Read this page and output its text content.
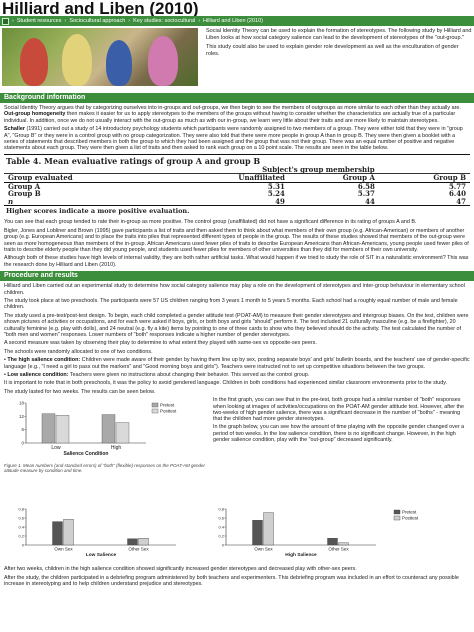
Hilliard and Liben (2010)
› Student resources › Sociocultural approach › Key studies: sociocultural › Hilliard and Liben (2010)

Social Identity Theory can be used to explain the formation of stereotypes. The following study by Hilliard and Liben looks at how social category salience can lead to the development of stereotypes of the "out-group."

This study could also be used to explain gender role development as well as the enculturation of gender roles.

Background information

Social Identity Theory argues that by categorizing ourselves into in-groups and out-groups, we then begin to see the members of outgroups as more similar to each other than they actually are. Out-group homogeneity then makes it easier for us to apply stereotypes to the members of the groups without having to consider whether the characteristics are actually true of a particular individual. In addition, once we do not usually interact with the out-group as much as with our in-group, we learn very little about their traits and are more likely to maintain stereotypes.

Schaller (1991) carried out a study of 14 introductory psychology students which participants were randomly assigned to two members of a group. They were either told that they were in "group A", "Group B" or they were in a control group with no group categorization. They were also told that there were more people in group A than in group B. They were then given a booklet with a series of statements that described members in both the group to which they had been assigned and the group that was not their group. There was an equal number of positive and negative statements about each group. They were then given a list of traits and then asked to rank each group on a 10 point scale. The results are seen in the table below.

Table 4. Mean evaluative ratings of group A and group B
	Subject's group membership		
Group evaluated	Unaffiliated	Group A	Group B
Group A	5.31	6.58	5.77
Group B	5.24	5.37	6.40
n	49	44	47
Higher scores indicate a more positive evaluation.

You can see that each group tended to rate their in-group as more positive. The control group (unaffiliated) did not have a significant difference in its rating of groups A and B.

Bigler, Jones and Lobliner and Brown (1995) gave participants a list of traits and then asked them to think about what members of their own group (e.g. African-American) or members of another group (e.g. European Americans) and to place the traits into piles that represented different types of people in the group. The results of these studies showed that members of the out-group were seen as more homogeneous than members of the in-group. African Americans used fewer piles of traits to describe European Americans than African-Americans, young people used fewer piles of traits to describe elderly people than they did young people, and students used fewer piles for members of other universities than they did for members of their own university.

Although both of these studies have high levels of internal validity, they are both rather artificial tasks. What would happen if we tried to study the role of SIT in a naturalistic environment? This was the research done by Hilliard and Liben (2010).

Procedure and results

Hilliard and Liben carried out an experimental study to determine how social category salience may play a role on the development of stereotypes and inter-group behaviour in elementary school children.

The study took place at two preschools. The participants were 57 US children ranging from 3 years 1 month to 5 years 5 months. Each school had a roughly equal number of male and female children.

The study used a pre-test/post-test design. To begin, each child completed a gender attitude test (POAT-AM) to measure their gender stereotypes and intergroup biases. On the test, children were shown pictures of activities or occupations, and for each were asked if boys, girls, or both boys and girls "should" perform it. The test included 21 culturally masculine (e.g. be a firefighter), 20 culturally feminine (e.g. play with dolls), and 24 neutral (e.g. fly a kite) items by pointing to one of three cards to show who they believed should do the activity. The test calculated the number of "both men and women" responses. Lower numbers of "both" responses indicate a higher number of gender stereotypes.

A second measure was taken by observing their play to determine to what extent they played with same-sex vs opposite-sex peers.

The schools were randomly allocated to one of two conditions.

• The high salience condition: Children were made aware of their gender by having them line up by sex, posting separate boys' and girls' bulletin boards, and the teachers' use of gender-specific language (e.g., "I need a girl to pass out the markers" and "Good morning boys and girls"). Teachers were instructed not to set up competitive situations between the two groups.

• Low salience condition: Teachers were given no instructions about changing their behavior. This served as the control group.

It is important to note that in both preschools, it was the policy to avoid gendered language. Children in both conditions had experienced similar classroom environments prior to the study.

The study lasted for two weeks. The results can be seen below.

0
6
12
18
Low	High
Salience Condition
Pretest
Posttest
Figure 1. Mean numbers (and standard errors) of "both" (flexible) responses on the POAT-AM gender attitude measure by condition and time.

In the first graph, you can see that in the pre-test, both groups had a similar number of "both" responses when looking at images of activities/occupations on the POAT-AM gender attitude test. However, after the two-weeks of high gender salience, there was a significant decrease in the number of "boths" - meaning that the children had more gender stereotypes.

In the graph below, you can see how the amount of time playing with the opposite gender changed over a period of two weeks. In the low salience condition, there is no significant change. However, in the high gender salience condition, play with the "out-group" decreased significantly.

0
0.2
0.4
0.6
0.8
Own Sex	Other Sex
Low Salience
0
0.2
0.4
0.6
0.8
Own Sex	Other Sex
High Salience
Pretest
Posttest

After two weeks, children in the high salience condition showed significantly increased gender stereotypes and decreased play with other-sex peers.

After the study, the children participated in a debriefing program administered by both teachers and experimenters. This debriefing program was included in an effort to counteract any possible increase in stereotyping and to help children understand prejudice and stereotypes.
